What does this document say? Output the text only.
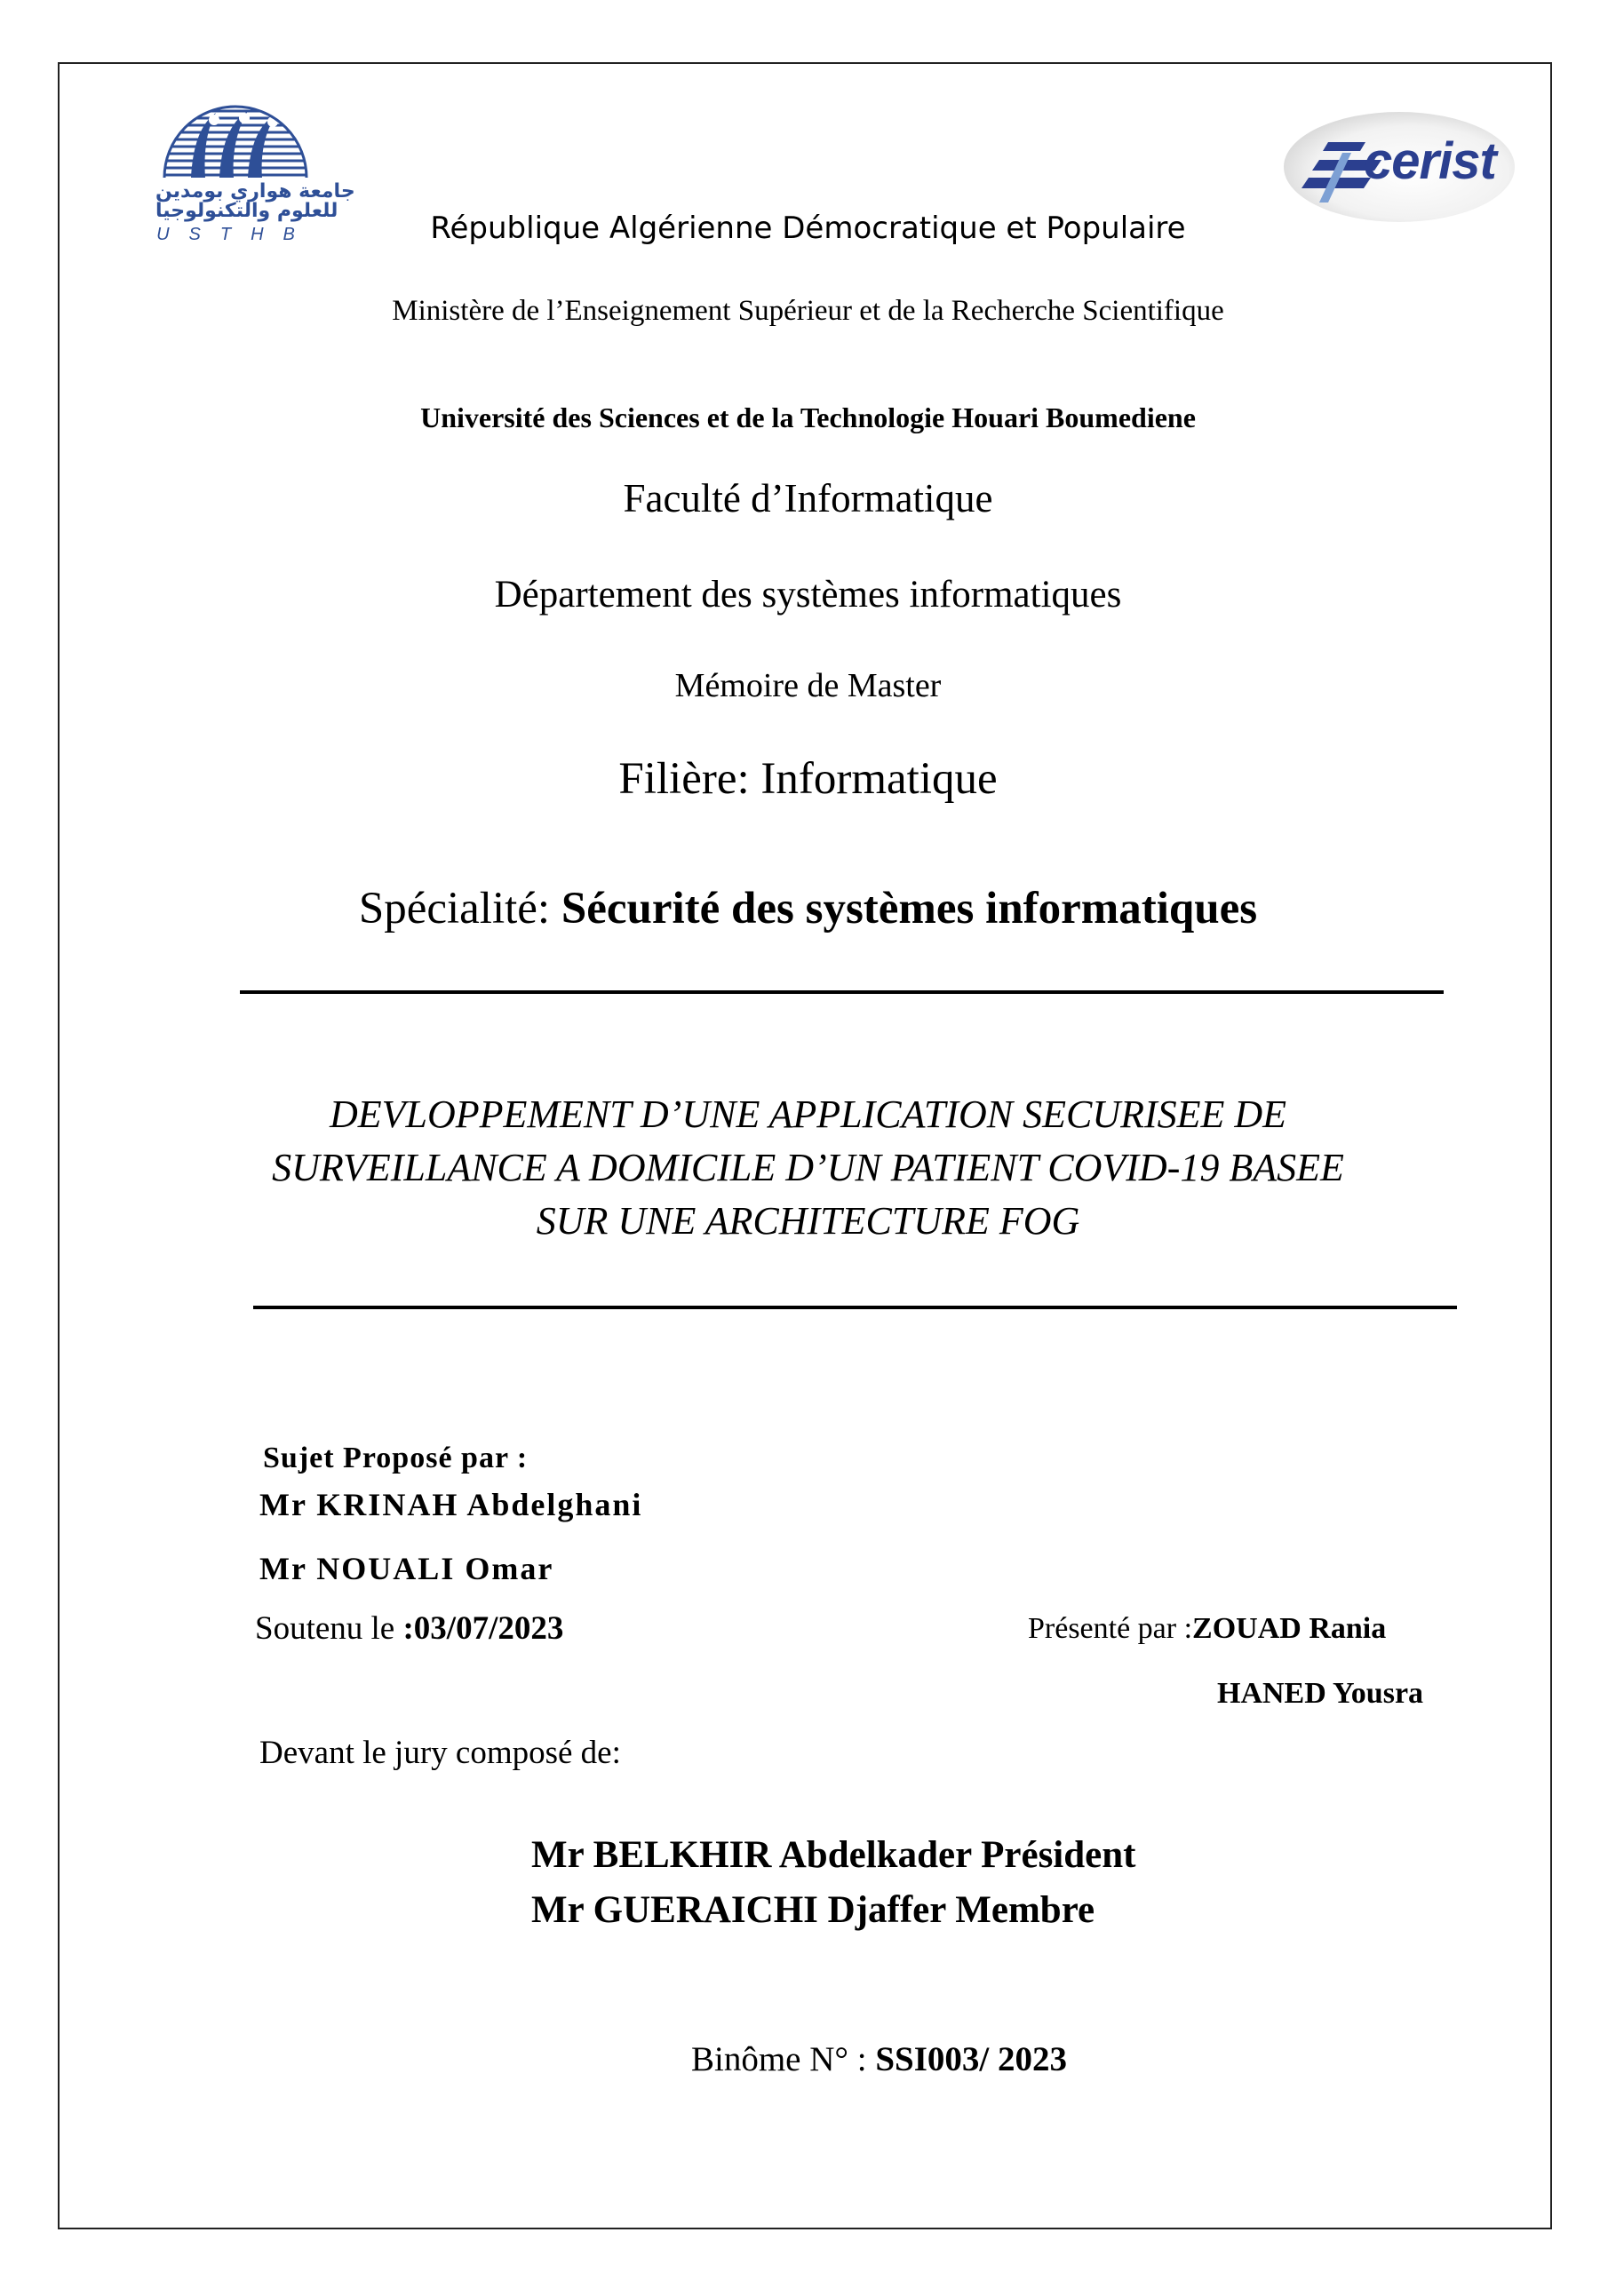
جامعة هواري بومدين
للعلوم والتكنولوجيا
USTHB
cerist
République Algérienne Démocratique et Populaire
Ministère de l’Enseignement Supérieur et de la Recherche Scientifique
Université des Sciences et de la Technologie Houari Boumediene
Faculté d’Informatique
Département des systèmes informatiques
Mémoire de Master
Filière: Informatique
Spécialité: Sécurité des systèmes informatiques
DEVLOPPEMENT D’UNE APPLICATION SECURISEE DE
SURVEILLANCE A DOMICILE D’UN PATIENT COVID-19 BASEE
SUR UNE ARCHITECTURE FOG
Sujet Proposé par :
Mr KRINAH Abdelghani
Mr NOUALI Omar
Soutenu le :03/07/2023	Présenté par :ZOUAD Rania
HANED Yousra
Devant le jury composé de:
Mr BELKHIR Abdelkader Président
Mr GUERAICHI Djaffer Membre
Binôme N° : SSI003/ 2023
